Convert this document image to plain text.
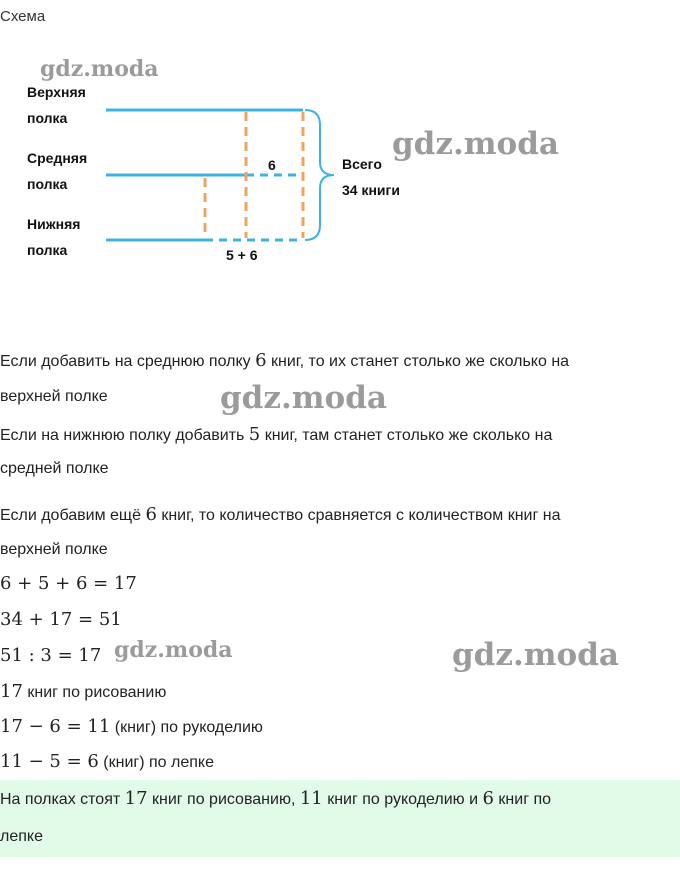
Схема
Верхняя
полка
Средняя
полка
Нижняя
полка
6
5 + 6
Всего
34 книги
gdz.moda
gdz.moda
gdz.moda
gdz.moda	gdz.moda
Если добавить на среднюю полку 6 книг, то их станет столько же сколько на
верхней полке
Если на нижнюю полку добавить 5 книг, там станет столько же сколько на
средней полке
Если добавим ещё 6 книг, то количество сравняется с количеством книг на
верхней полке
6 + 5 + 6 = 17
34 + 17 = 51
51 : 3 = 17
17 книг по рисованию
17 − 6 = 11 (книг) по рукоделию
11 − 5 = 6 (книг) по лепке
На полках стоят 17 книг по рисованию, 11 книг по рукоделию и 6 книг по
лепке
